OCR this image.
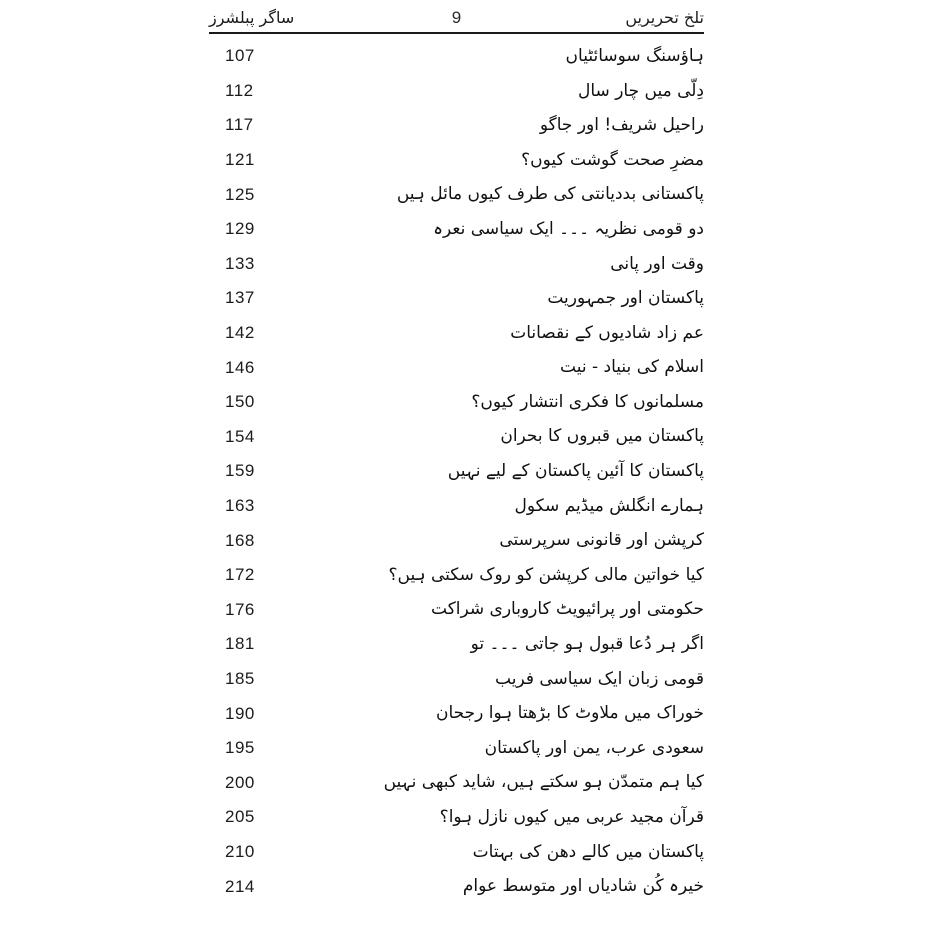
9
ساگر پبلشرز	تلخ تحریریں
107	ہاؤسنگ سوسائٹیاں
112	دِلّی میں چار سال
117	راحیل شریف! اور جاگو
121	مضرِ صحت گوشت کیوں؟
125	پاکستانی بددیانتی کی طرف کیوں مائل ہیں
129	دو قومی نظریہ ۔۔۔ ایک سیاسی نعرہ
133	وقت اور پانی
137	پاکستان اور جمہوریت
142	عم زاد شادیوں کے نقصانات
146	اسلام کی بنیاد - نیت
150	مسلمانوں کا فکری انتشار کیوں؟
154	پاکستان میں قبروں کا بحران
159	پاکستان کا آئین پاکستان کے لیے نہیں
163	ہمارے انگلش میڈیم سکول
168	کرپشن اور قانونی سرپرستی
172	کیا خواتین مالی کرپشن کو روک سکتی ہیں؟
176	حکومتی اور پرائیویٹ کاروباری شراکت
181	اگر ہر دُعا قبول ہو جاتی ۔۔۔ تو
185	قومی زبان ایک سیاسی فریب
190	خوراک میں ملاوٹ کا بڑھتا ہوا رجحان
195	سعودی عرب، یمن اور پاکستان
200	کیا ہم متمدّن ہو سکتے ہیں، شاید کبھی نہیں
205	قرآن مجید عربی میں کیوں نازل ہوا؟
210	پاکستان میں کالے دھن کی بہتات
214	خیرہ کُن شادیاں اور متوسط عوام
